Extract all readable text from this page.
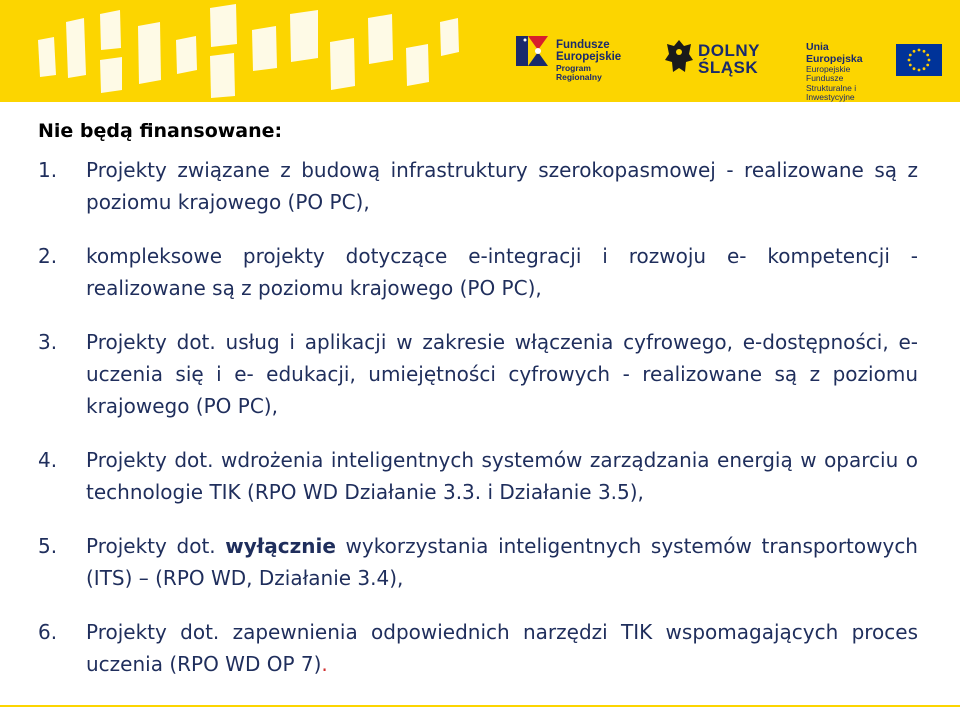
Fundusze
Europejskie
Program Regionalny
DOLNY
ŚLĄSK
Unia Europejska
Europejskie Fundusze
Strukturalne i Inwestycyjne
Nie będą finansowane:
1. Projekty związane z budową infrastruktury szerokopasmowej - realizowane są z poziomu krajowego (PO PC),
2. kompleksowe projekty dotyczące e-integracji i rozwoju e- kompetencji - realizowane są z poziomu krajowego (PO PC),
3. Projekty dot. usług i aplikacji w zakresie włączenia cyfrowego, e-dostępności, e-uczenia się i e- edukacji, umiejętności cyfrowych - realizowane są z poziomu krajowego (PO PC),
4. Projekty dot. wdrożenia inteligentnych systemów zarządzania energią w oparciu o technologie TIK (RPO WD Działanie 3.3. i Działanie 3.5),
5. Projekty dot. wyłącznie wykorzystania inteligentnych systemów transportowych (ITS) – (RPO WD, Działanie 3.4),
6. Projekty dot. zapewnienia odpowiednich narzędzi TIK wspomagających proces uczenia (RPO WD OP 7).
